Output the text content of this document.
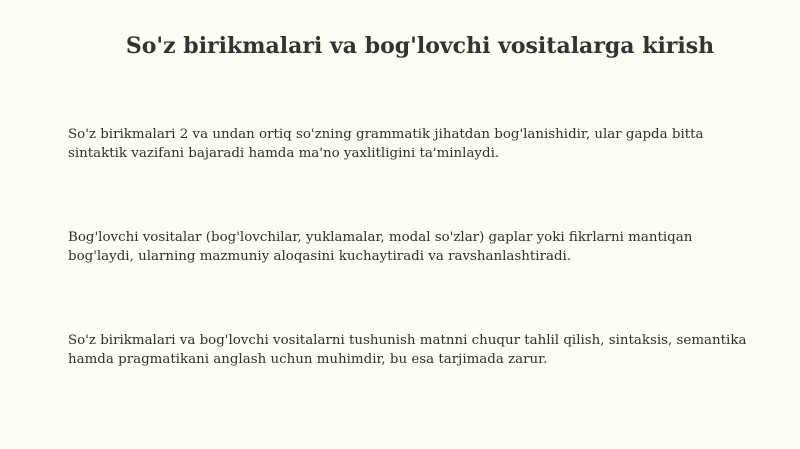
So'z birikmalari va bog'lovchi vositalarga kirish

So'z birikmalari 2 va undan ortiq so'zning grammatik jihatdan bog'lanishidir, ular gapda bitta sintaktik vazifani bajaradi hamda ma'no yaxlitligini ta'minlaydi.

Bog'lovchi vositalar (bog'lovchilar, yuklamalar, modal so'zlar) gaplar yoki fikrlarni mantiqan bog'laydi, ularning mazmuniy aloqasini kuchaytiradi va ravshanlashtiradi.

So'z birikmalari va bog'lovchi vositalarni tushunish matnni chuqur tahlil qilish, sintaksis, semantika hamda pragmatikani anglash uchun muhimdir, bu esa tarjimada zarur.
